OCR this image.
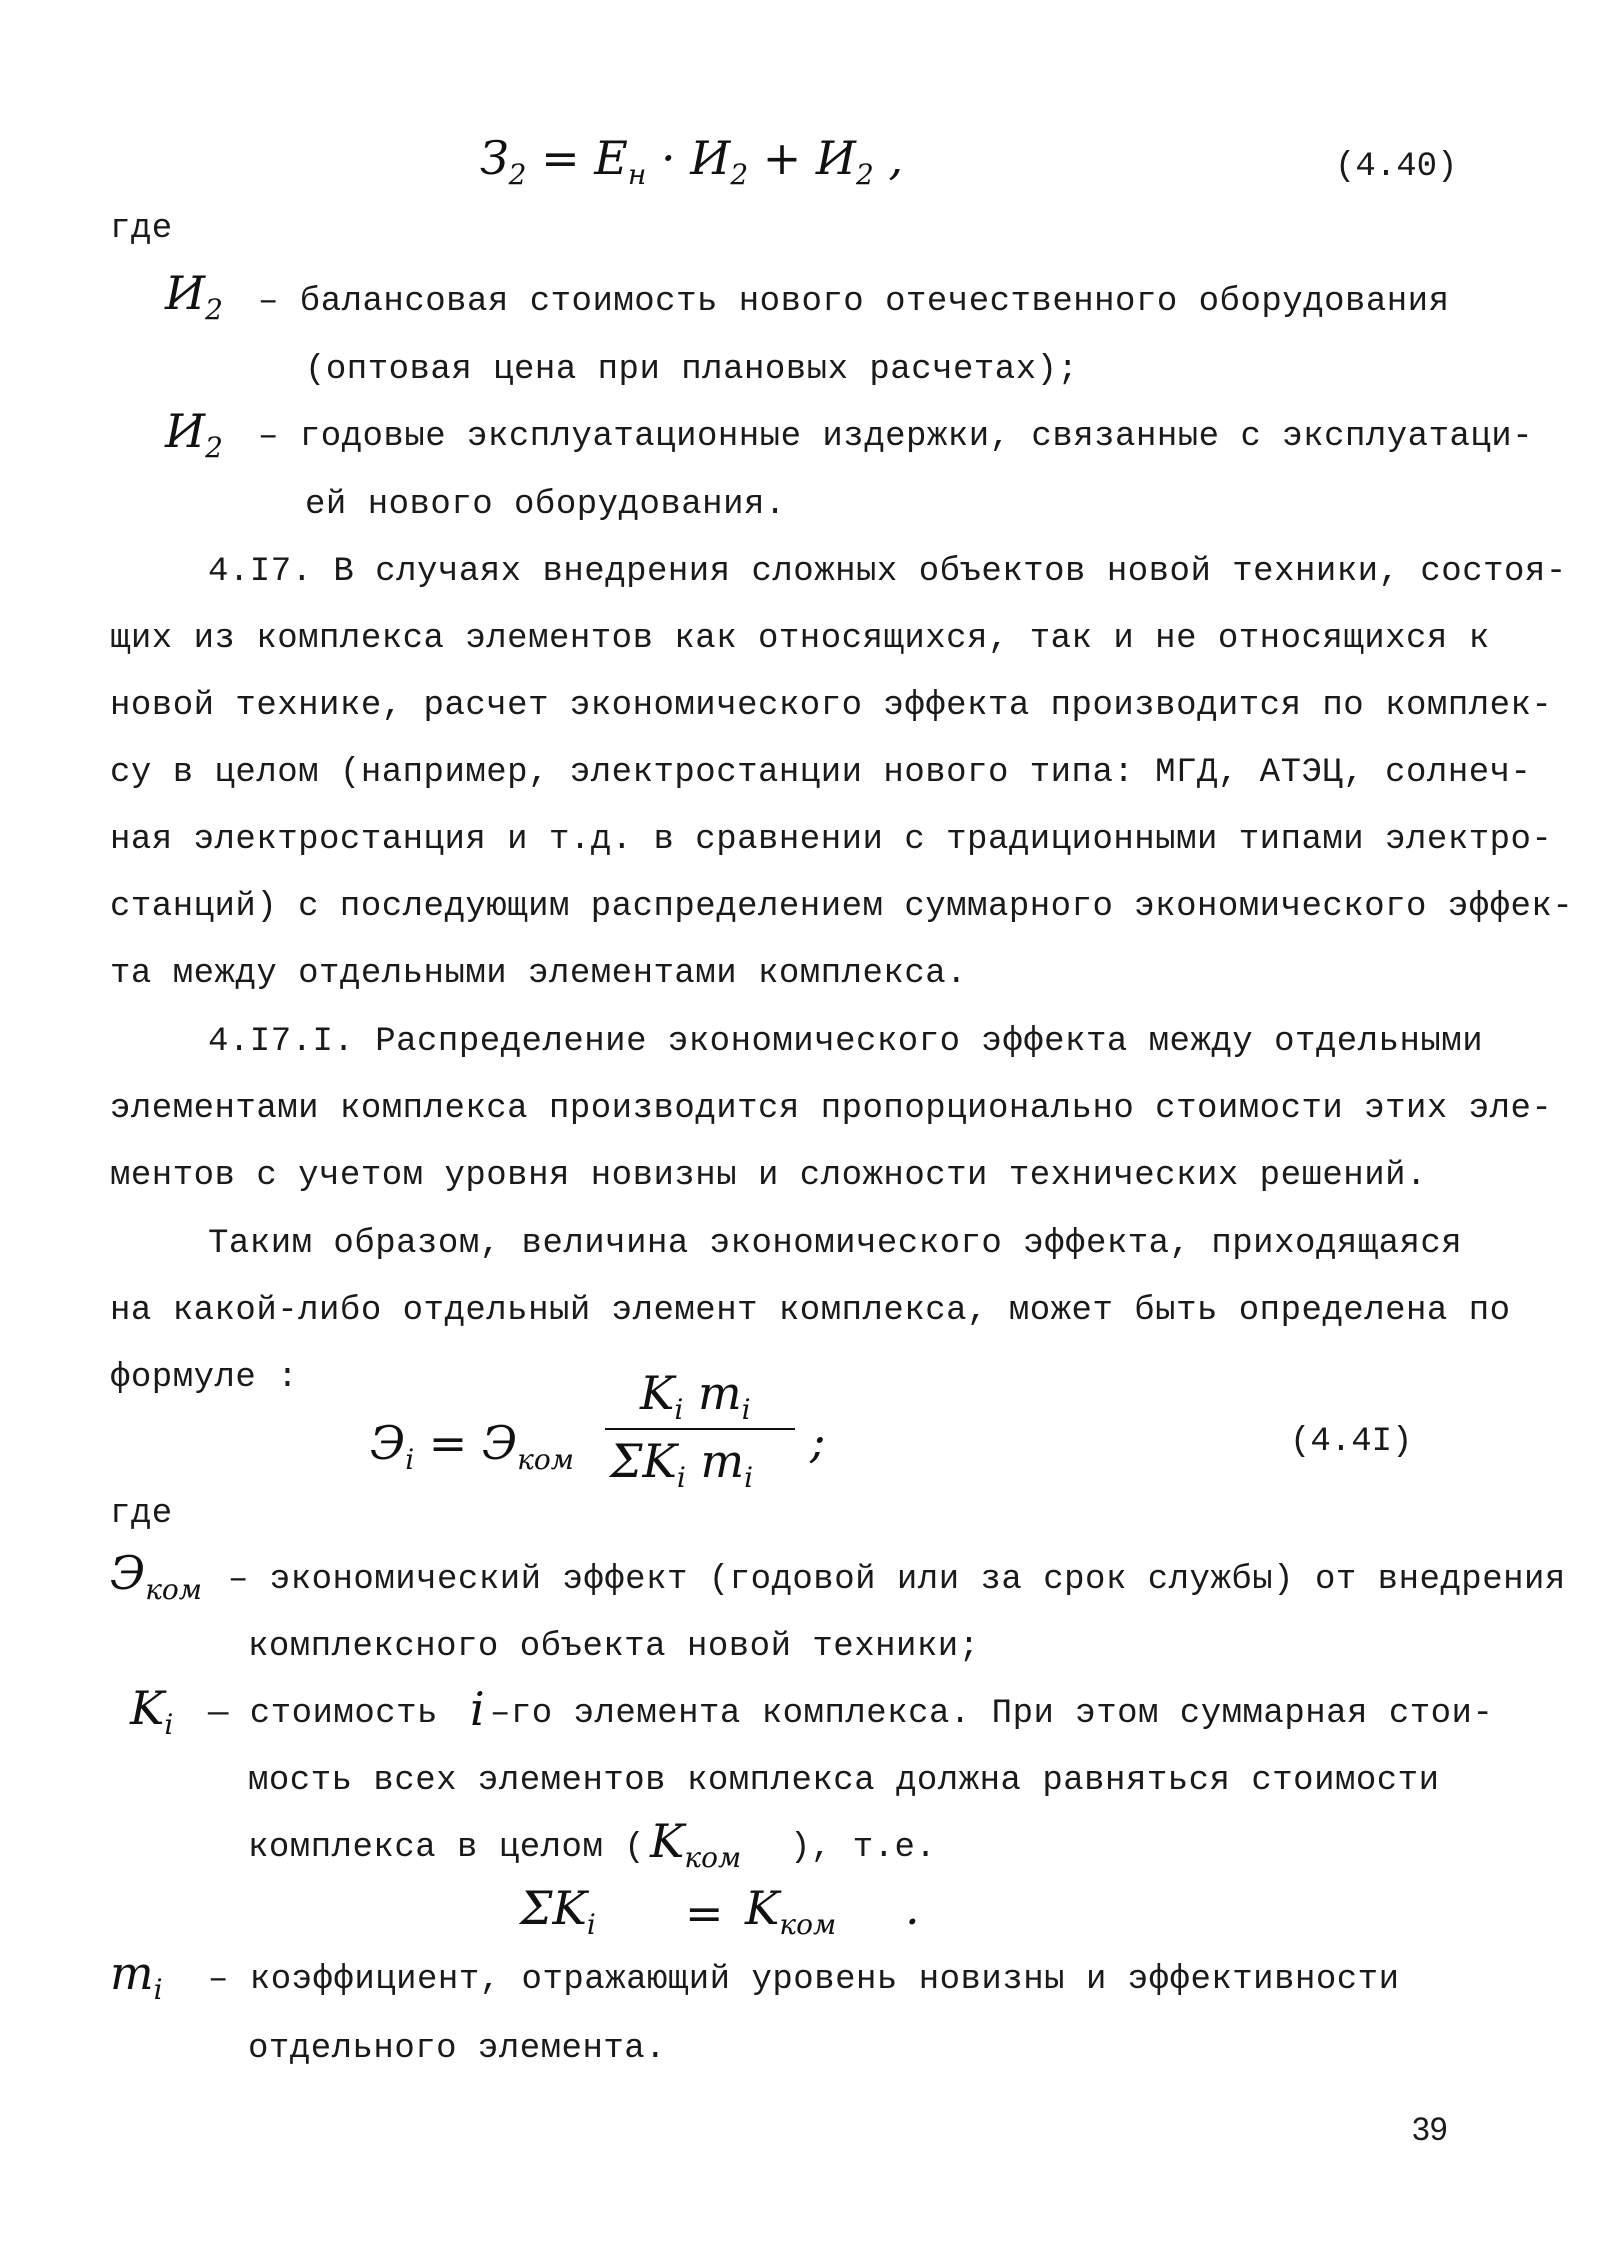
$З_2 = E_н \cdot И_2 + И_2$ ,	(4.40)
где
$И_2$ – балансовая стоимость нового отечественного оборудования
(оптовая цена при плановых расчетах);
$И_2$ – годовые эксплуатационные издержки, связанные с эксплуатаци-
ей нового оборудования.
4.I7. В случаях внедрения сложных объектов новой техники, состоя-
щих из комплекса элементов как относящихся, так и не относящихся к
новой технике, расчет экономического эффекта производится по комплек-
су в целом (например, электростанции нового типа: МГД, АТЭЦ, солнеч-
ная электростанция и т.д. в сравнении с традиционными типами электро-
станций) с последующим распределением суммарного экономического эффек-
та между отдельными элементами комплекса.
4.I7.I. Распределение экономического эффекта между отдельными
элементами комплекса производится пропорционально стоимости этих эле-
ментов с учетом уровня новизны и сложности технических решений.
Таким образом, величина экономического эффекта, приходящаяся
на какой-либо отдельный элемент комплекса, может быть определена по
формуле :
$Э_i = Э_{ком}$
$K_i$ $m_i$
$\Sigma K_i$ $m_i$
;	(4.4I)
где
$Э_{ком}$ – экономический эффект (годовой или за срок службы) от внедрения
комплексного объекта новой техники;
$K_i$ — стоимость i –го элемента комплекса. При этом суммарная стои-
мость всех элементов комплекса должна равняться стоимости
комплекса в целом ( $K_{ком}$ ), т.е.
$\Sigma K_i = K_{ком}$ .
$m_i$ – коэффициент, отражающий уровень новизны и эффективности
отдельного элемента.
39
